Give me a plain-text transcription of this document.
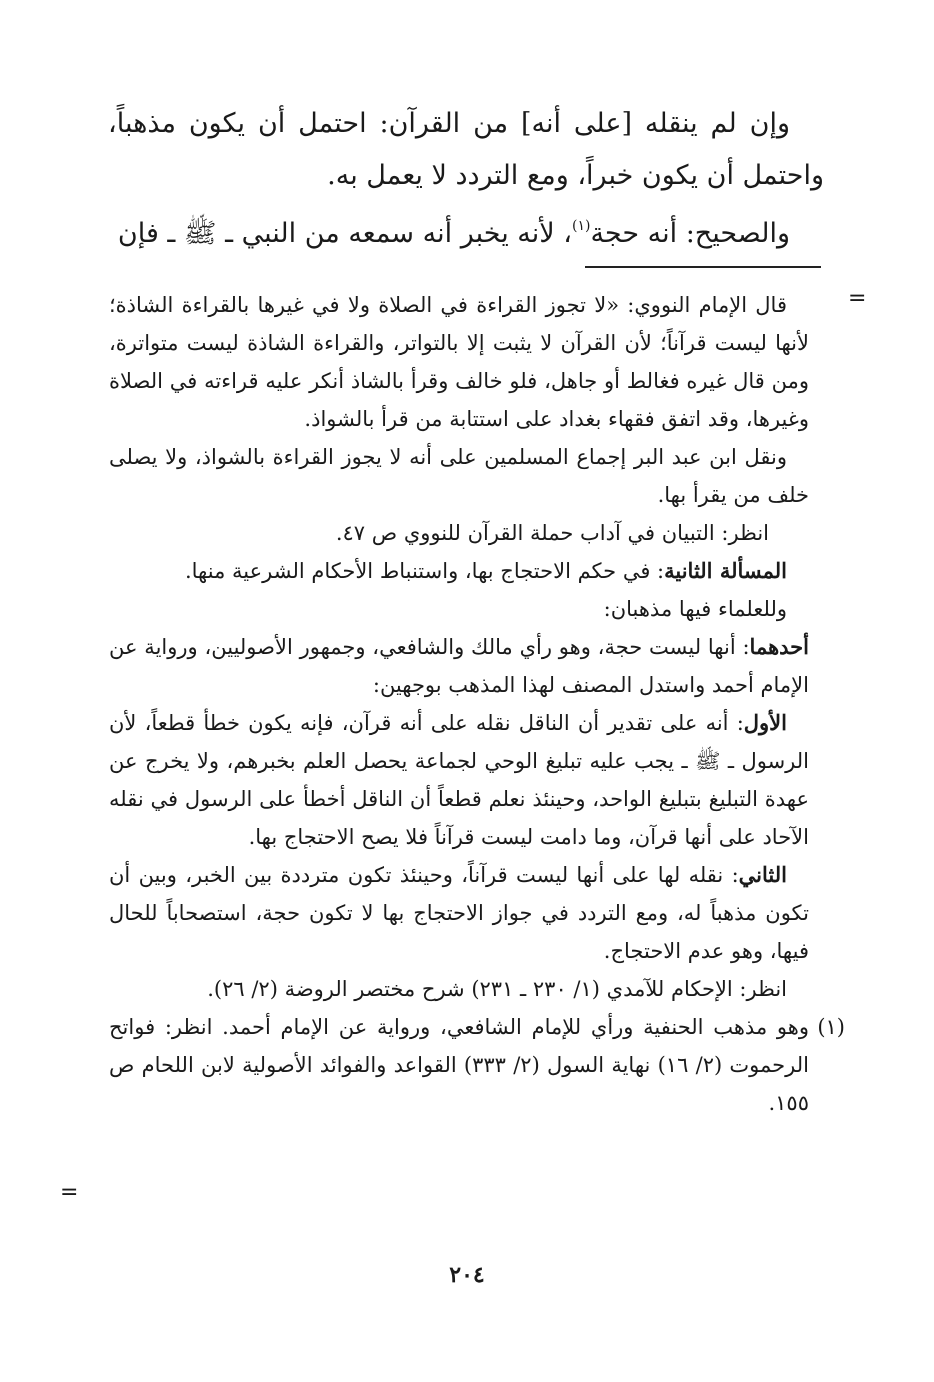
وإن لم ينقله [على أنه] من القرآن: احتمل أن يكون مذهباً، واحتمل أن يكون خبراً، ومع التردد لا يعمل به.

والصحيح: أنه حجة$^{(١)}$، لأنه يخبر أنه سمعه من النبي ـ ﷺ ـ فإن

=

قال الإمام النووي: «لا تجوز القراءة في الصلاة ولا في غيرها بالقراءة الشاذة؛ لأنها ليست قرآناً؛ لأن القرآن لا يثبت إلا بالتواتر، والقراءة الشاذة ليست متواترة، ومن قال غيره فغالط أو جاهل، فلو خالف وقرأ بالشاذ أنكر عليه قراءته في الصلاة وغيرها، وقد اتفق فقهاء بغداد على استتابة من قرأ بالشواذ.

ونقل ابن عبد البر إجماع المسلمين على أنه لا يجوز القراءة بالشواذ، ولا يصلى خلف من يقرأ بها.

انظر: التبيان في آداب حملة القرآن للنووي ص ٤٧.

المسألة الثانية: في حكم الاحتجاج بها، واستنباط الأحكام الشرعية منها.

وللعلماء فيها مذهبان:

أحدهما: أنها ليست حجة، وهو رأي مالك والشافعي، وجمهور الأصوليين، ورواية عن الإمام أحمد واستدل المصنف لهذا المذهب بوجهين:

الأول: أنه على تقدير أن الناقل نقله على أنه قرآن، فإنه يكون خطأ قطعاً، لأن الرسول ـ ﷺ ـ يجب عليه تبليغ الوحي لجماعة يحصل العلم بخبرهم، ولا يخرج عن عهدة التبليغ بتبليغ الواحد، وحينئذ نعلم قطعاً أن الناقل أخطأ على الرسول في نقله الآحاد على أنها قرآن، وما دامت ليست قرآناً فلا يصح الاحتجاج بها.

الثاني: نقله لها على أنها ليست قرآناً، وحينئذ تكون مترددة بين الخبر، وبين أن تكون مذهباً له، ومع التردد في جواز الاحتجاج بها لا تكون حجة، استصحاباً للحال فيها، وهو عدم الاحتجاج.

انظر: الإحكام للآمدي (١/ ٢٣٠ ـ ٢٣١) شرح مختصر الروضة (٢/ ٢٦).

(١)
وهو مذهب الحنفية ورأي للإمام الشافعي، ورواية عن الإمام أحمد. انظر: فواتح الرحموت (٢/ ١٦) نهاية السول (٢/ ٣٣٣) القواعد والفوائد الأصولية لابن اللحام ص ١٥٥.

=
٢٠٤
